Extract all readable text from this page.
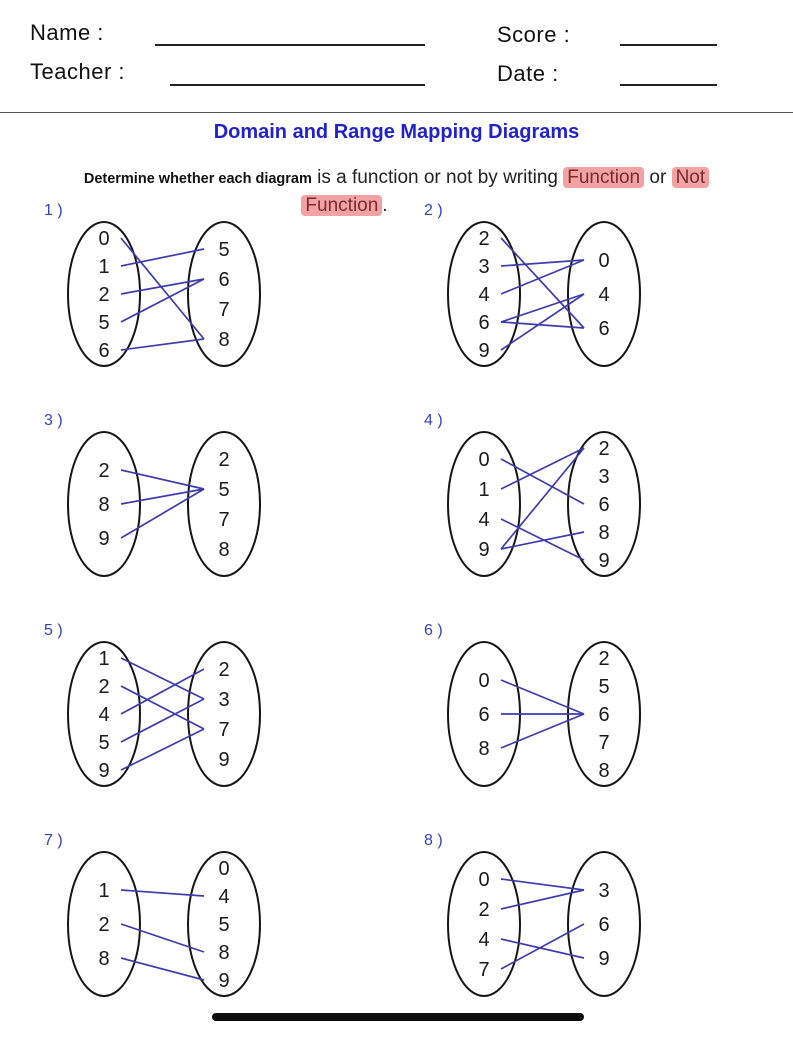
Name :	Score :
Teacher :	Date :
Domain and Range Mapping Diagrams
Determine whether each diagram is a function or not by writing Function or Not
Function .
1 )
0
1
2
5
6
5
6
7
8
2 )
2
3
4
6
9
0
4
6
3 )
2
8
9
2
5
7
8
4 )
0
1
4
9
2
3
6
8
9
5 )
1
2
4
5
9
2
3
7
9
6 )
0
6
8
2
5
6
7
8
7 )
1
2
8
0
4
5
8
9
8 )
0
2
4
7
3
6
9
